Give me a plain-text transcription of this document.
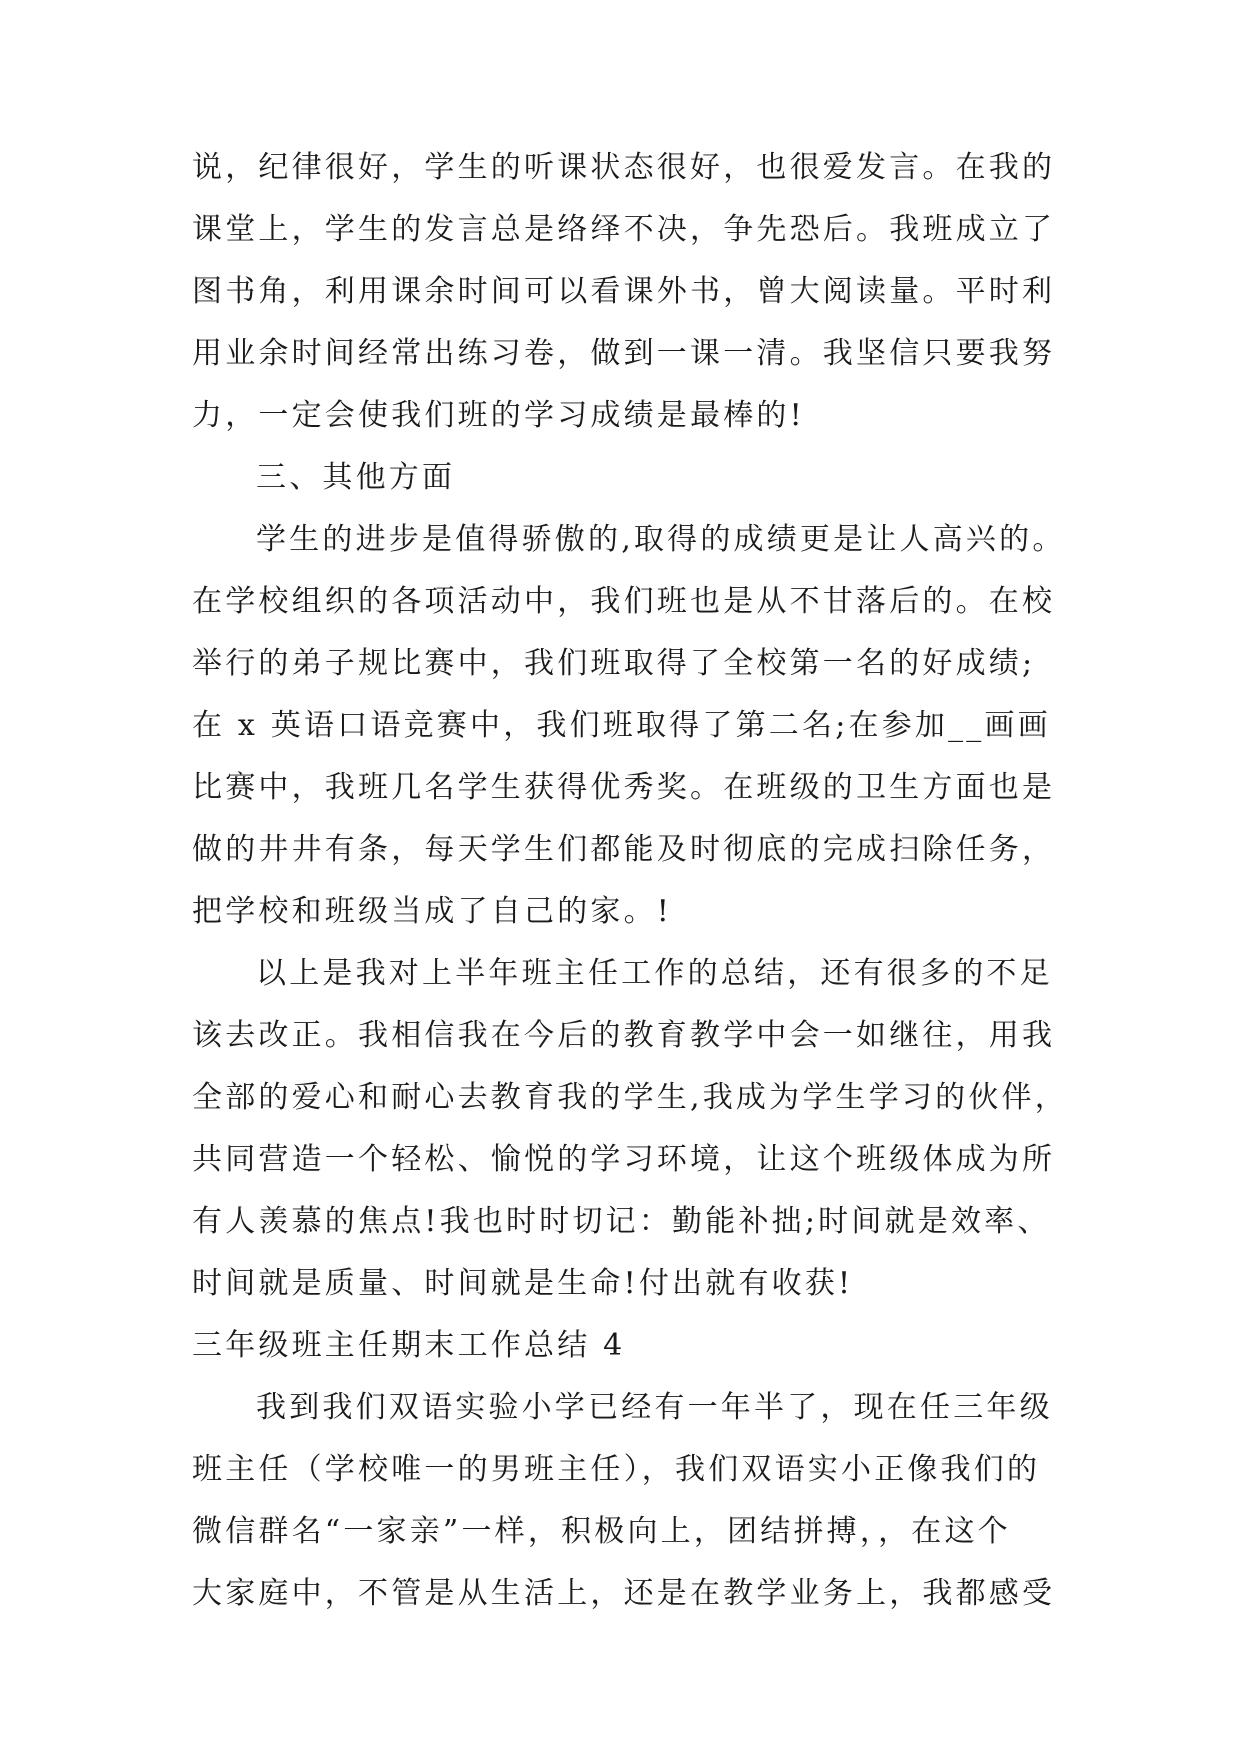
说，纪律很好，学生的听课状态很好，也很爱发言。在我的
课堂上，学生的发言总是络绎不决，争先恐后。我班成立了
图书角，利用课余时间可以看课外书，曾大阅读量。平时利
用业余时间经常出练习卷，做到一课一清。我坚信只要我努
力，一定会使我们班的学习成绩是最棒的!
三、其他方面
学生的进步是值得骄傲的,取得的成绩更是让人高兴的。
在学校组织的各项活动中，我们班也是从不甘落后的。在校
举行的弟子规比赛中，我们班取得了全校第一名的好成绩;
在 x 英语口语竞赛中，我们班取得了第二名;在参加__画画
比赛中，我班几名学生获得优秀奖。在班级的卫生方面也是
做的井井有条，每天学生们都能及时彻底的完成扫除任务，
把学校和班级当成了自己的家。!
以上是我对上半年班主任工作的总结，还有很多的不足
该去改正。我相信我在今后的教育教学中会一如继往，用我
全部的爱心和耐心去教育我的学生,我成为学生学习的伙伴，
共同营造一个轻松、愉悦的学习环境，让这个班级体成为所
有人羡慕的焦点!我也时时切记：勤能补拙;时间就是效率、
时间就是质量、时间就是生命!付出就有收获!
三年级班主任期末工作总结 4
我到我们双语实验小学已经有一年半了，现在任三年级
班主任（学校唯一的男班主任），我们双语实小正像我们的
微信群名“一家亲”一样，积极向上，团结拼搏，，在这个
大家庭中，不管是从生活上，还是在教学业务上，我都感受
